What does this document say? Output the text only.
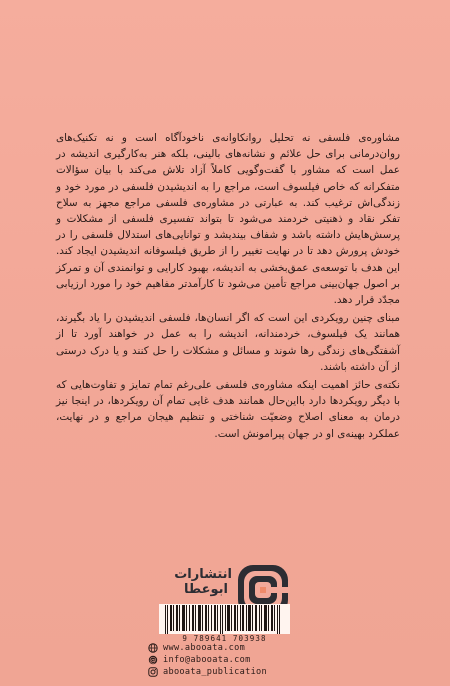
مشاوره‌ی فلسفی نه تحلیل روانکاوانه‌ی ناخودآگاه است و نه تکنیک‌های روان‌درمانی برای حل علائم و نشانه‌های بالینی، بلکه هنر به‌کارگیری اندیشه در عمل است که مشاور با گفت‌وگویی کاملاً آزاد تلاش می‌کند با بیان سؤالات متفکرانه که خاص فیلسوف است، مراجع را به اندیشیدن فلسفی در مورد خود و زندگی‌اش ترغیب کند. به عبارتی در مشاوره‌ی فلسفی مراجع مجهز به سلاح تفکر نقاد و ذهنیتی خردمند می‌شود تا بتواند تفسیری فلسفی از مشکلات و پرسش‌هایش داشته باشد و شفاف بیندیشد و توانایی‌های استدلال فلسفی را در خودش پرورش دهد تا در نهایت تغییر را از طریق فیلسوفانه اندیشیدن ایجاد کند. این هدف با توسعه‌ی عمق‌بخشی به اندیشه، بهبود کارایی و توانمندی آن و تمرکز بر اصول جهان‌بینی مراجع تأمین می‌شود تا کارآمدتر مفاهیم خود را مورد ارزیابی مجدّد قرار دهد.

مبنای چنین رویکردی این است که اگر انسان‌ها، فلسفی اندیشیدن را یاد بگیرند، همانند یک فیلسوف، خردمندانه، اندیشه را به عمل در خواهند آورد تا از آشفتگی‌های زندگی رها شوند و مسائل و مشکلات را حل کنند و یا درک درستی از آن داشته باشند.

نکته‌ی حائز اهمیت اینکه مشاوره‌ی فلسفی علی‌رغم تمام تمایز و تفاوت‌هایی که با دیگر رویکردها دارد بااین‌حال همانند هدف غایی تمام آن رویکردها، در اینجا نیز درمان به معنای اصلاح وضعیّت شناختی و تنظیم هیجان مراجع و در نهایت، عملکرد بهینه‌ی او در جهان پیرامونش است.

انتشارات
ابوعطا
9 789641 703938
www.abooata.com
@ info@abooata.com
abooata_publication
